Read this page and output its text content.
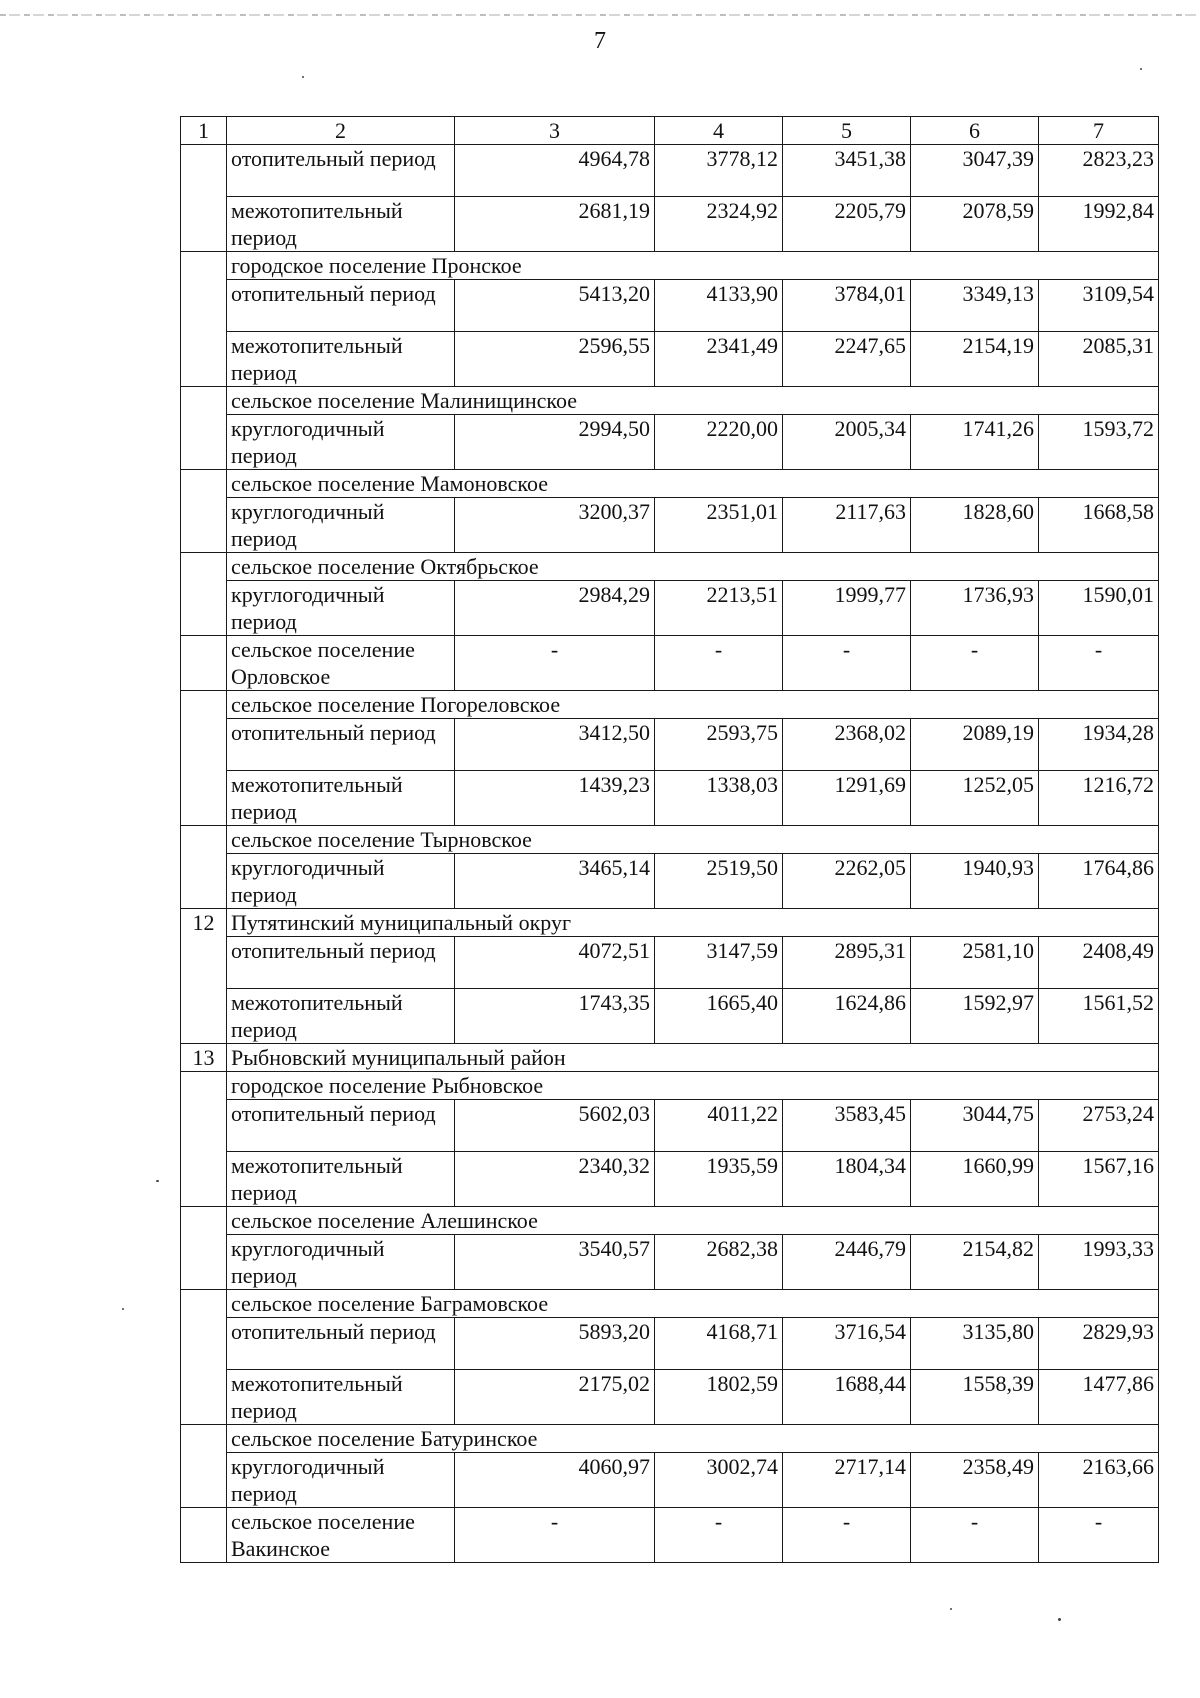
7
1	2	3	4	5	6	7
	отопительный период	4964,78	3778,12	3451,38	3047,39	2823,23
	межотопительный период	2681,19	2324,92	2205,79	2078,59	1992,84
	городское поселение Пронское					
	отопительный период	5413,20	4133,90	3784,01	3349,13	3109,54
	межотопительный период	2596,55	2341,49	2247,65	2154,19	2085,31
	сельское поселение Малинищинское					
	круглогодичный период	2994,50	2220,00	2005,34	1741,26	1593,72
	сельское поселение Мамоновское					
	круглогодичный период	3200,37	2351,01	2117,63	1828,60	1668,58
	сельское поселение Октябрьское					
	круглогодичный период	2984,29	2213,51	1999,77	1736,93	1590,01
	сельское поселение Орловское	-	-	-	-	-
	сельское поселение Погореловское					
	отопительный период	3412,50	2593,75	2368,02	2089,19	1934,28
	межотопительный период	1439,23	1338,03	1291,69	1252,05	1216,72
	сельское поселение Тырновское					
	круглогодичный период	3465,14	2519,50	2262,05	1940,93	1764,86
12	Путятинский муниципальный округ					
	отопительный период	4072,51	3147,59	2895,31	2581,10	2408,49
	межотопительный период	1743,35	1665,40	1624,86	1592,97	1561,52
13	Рыбновский муниципальный район					
	городское поселение Рыбновское					
	отопительный период	5602,03	4011,22	3583,45	3044,75	2753,24
	межотопительный период	2340,32	1935,59	1804,34	1660,99	1567,16
	сельское поселение Алешинское					
	круглогодичный период	3540,57	2682,38	2446,79	2154,82	1993,33
	сельское поселение Баграмовское					
	отопительный период	5893,20	4168,71	3716,54	3135,80	2829,93
	межотопительный период	2175,02	1802,59	1688,44	1558,39	1477,86
	сельское поселение Батуринское					
	круглогодичный период	4060,97	3002,74	2717,14	2358,49	2163,66
	сельское поселение Вакинское	-	-	-	-	-
